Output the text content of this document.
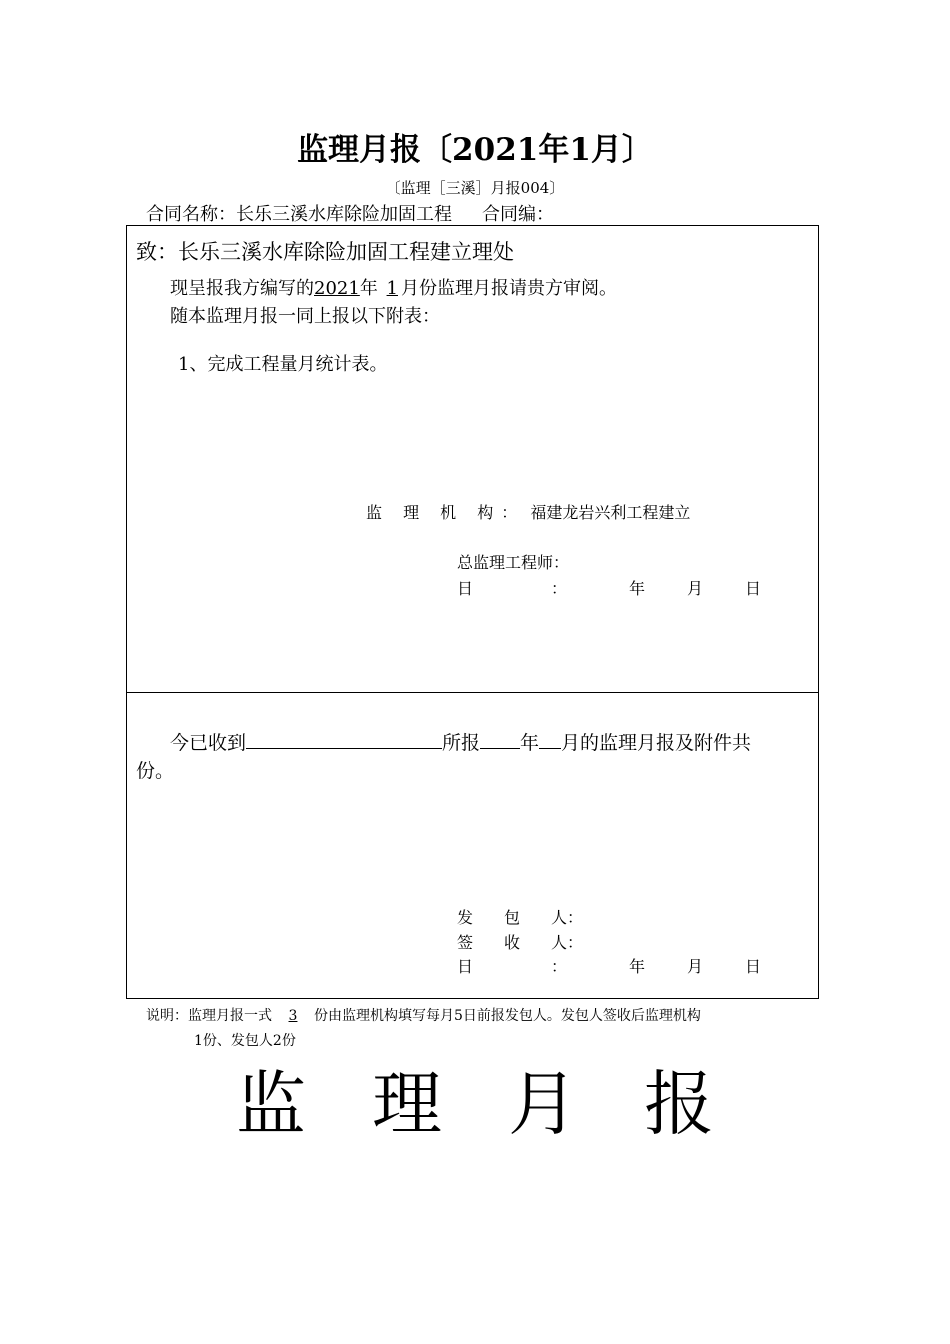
监理月报〔2021年1月〕
〔监理［三溪］月报004〕
合同名称：长乐三溪水库除险加固工程 合同编：
致：长乐三溪水库除险加固工程建立理处
现呈报我方编写的2021年 1 月份监理月报请贵方审阅。
随本监理月报一同上报以下附表：
1、完成工程量月统计表。
监 理 机 构： 福建龙岩兴利工程建立
总监理工程师：
日	：	年	月	日
今已收到	所报 年 月的监理月报及附件共
份。
发 包 人：
签 收 人：
日	：	年	月	日
说明：监理月报一式 3 份由监理机构填写每月5日前报发包人。发包人签收后监理机构
1份、发包人2份
监 理 月 报
